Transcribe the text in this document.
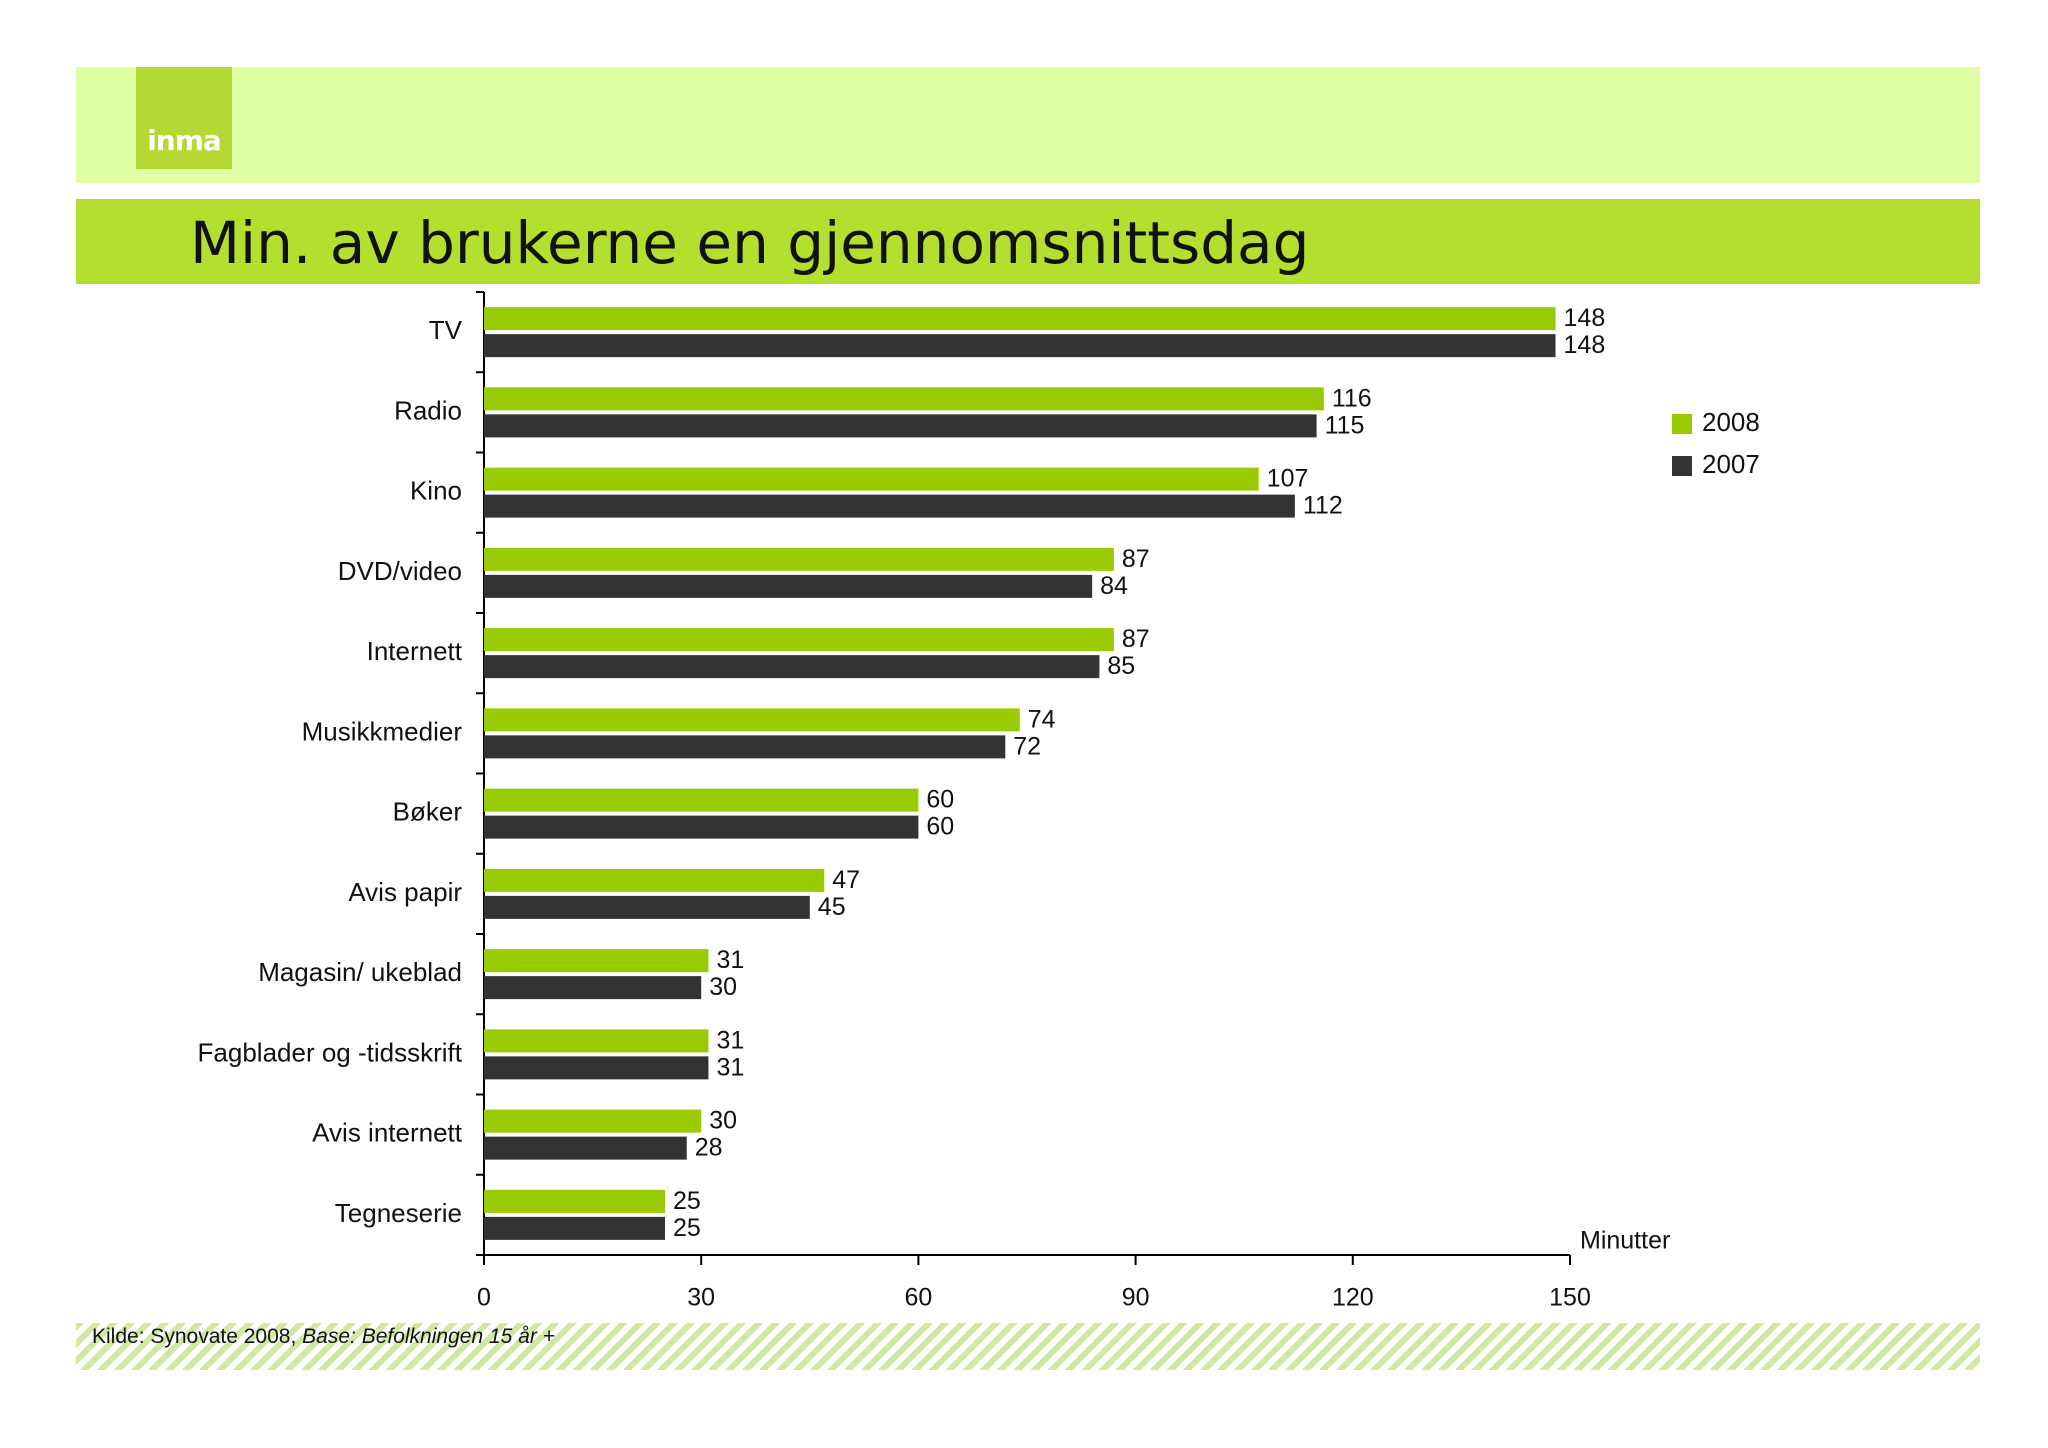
inma
Min. av brukerne en gjennomsnittsdag
0	30	60	90	120	150
Minutter
TV	148
148
Radio	116
115
Kino	107
112
DVD/video	87
84
Internett	87
85
Musikkmedier	74
72
Bøker	60
60
Avis papir	47
45
Magasin/ ukeblad	31
30
Fagblader og -tidsskrift	31
31
Avis internett	30
28
Tegneserie	25
25
2008
2007
Kilde: Synovate 2008, Base: Befolkningen 15 år +
